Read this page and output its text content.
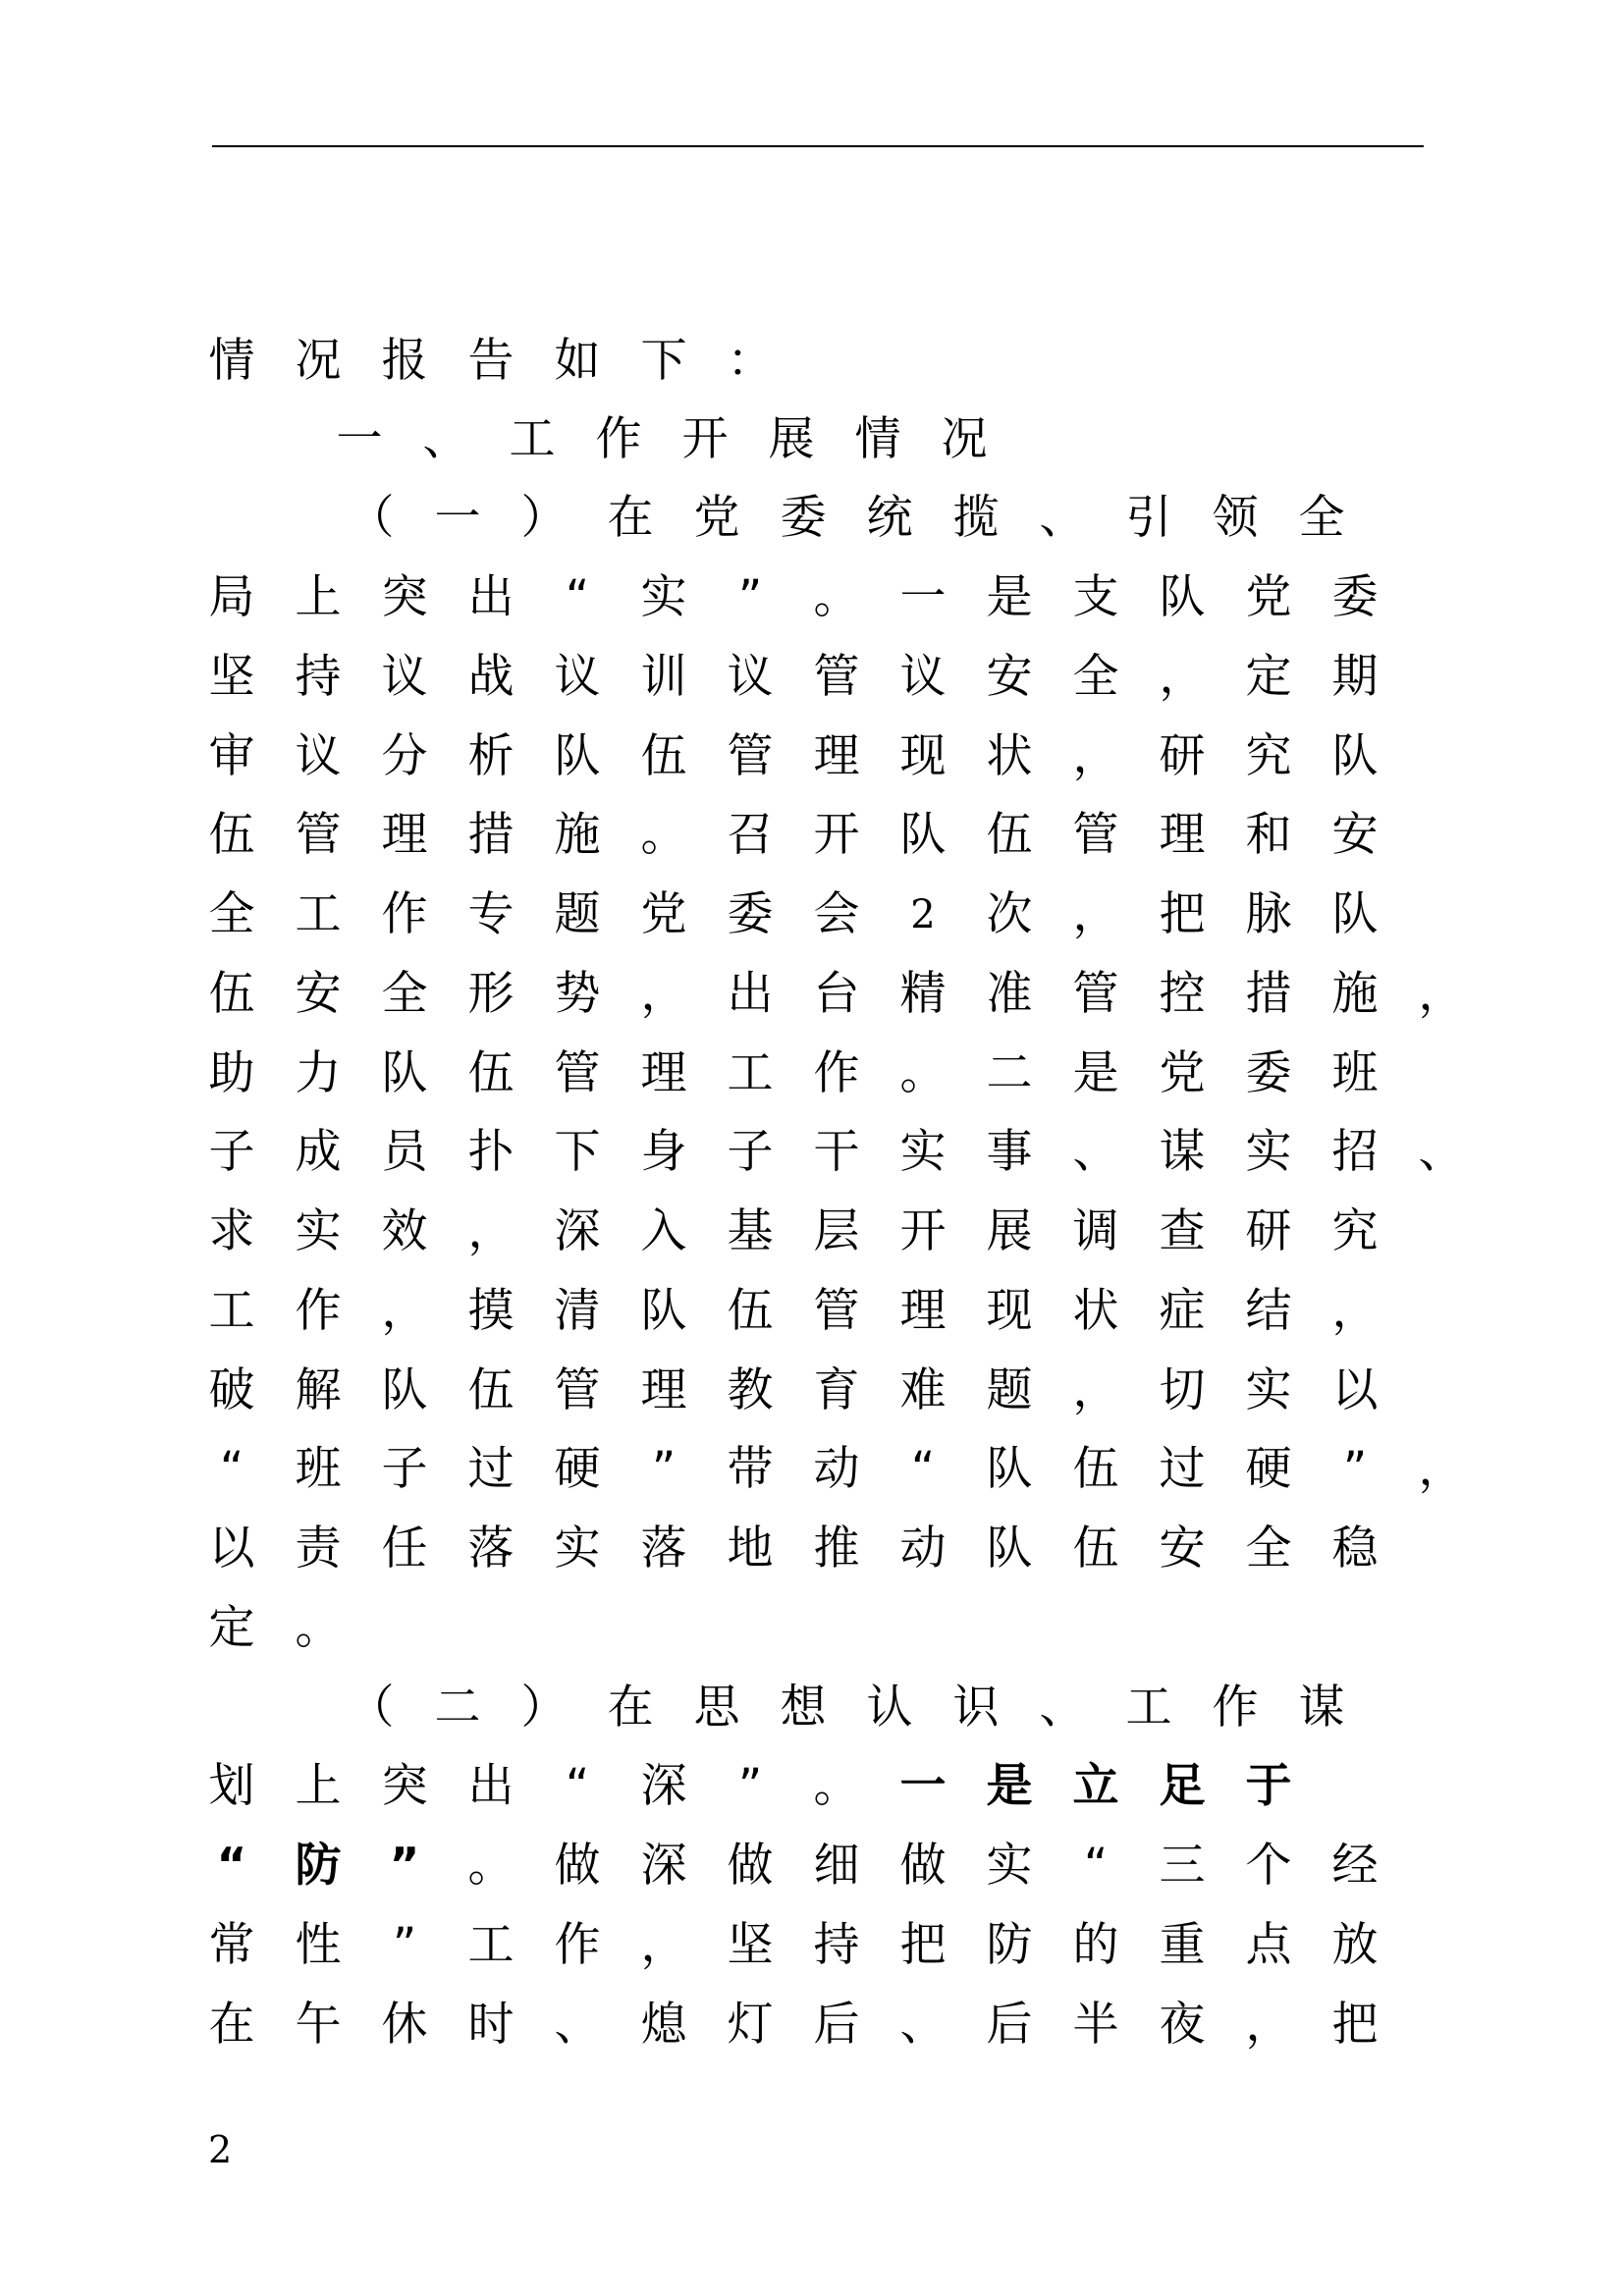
情 况 报 告 如 下 ：
一 、 工 作 开 展 情 况
（ 一 ） 在 党 委 统 揽 、 引 领 全
局 上 突 出	“	实	”	。 一 是 支 队 党 委
坚 持 议 战 议 训 议 管 议 安 全 ， 定 期
审 议 分 析 队 伍 管 理 现 状 ， 研 究 队
伍 管 理 措 施 。 召 开 队 伍 管 理 和 安
全 工 作 专 题 党 委 会	2	次 ， 把 脉 队
伍 安 全 形 势 ， 出 台 精 准 管 控 措 施 ，
助 力 队 伍 管 理 工 作 。 二 是 党 委 班
子 成 员 扑 下 身 子 干 实 事 、 谋 实 招 、
求 实 效 ， 深 入 基 层 开 展 调 查 研 究
工 作 ， 摸 清 队 伍 管 理 现 状 症 结 ，
破 解 队 伍 管 理 教 育 难 题 ， 切 实 以
“	班 子 过 硬	”	带 动	“	队 伍 过 硬	”	，
以 责 任 落 实 落 地 推 动 队 伍 安 全 稳
定 。
（ 二 ） 在 思 想 认 识 、 工 作 谋
划 上 突 出	“	深	”	。 一 是 立 足 于
“	防	”	。 做 深 做 细 做 实	“	三 个 经
常 性	”	工 作 ， 坚 持 把 防 的 重 点 放
在 午 休 时 、 熄 灯 后 、 后 半 夜 ， 把
2
